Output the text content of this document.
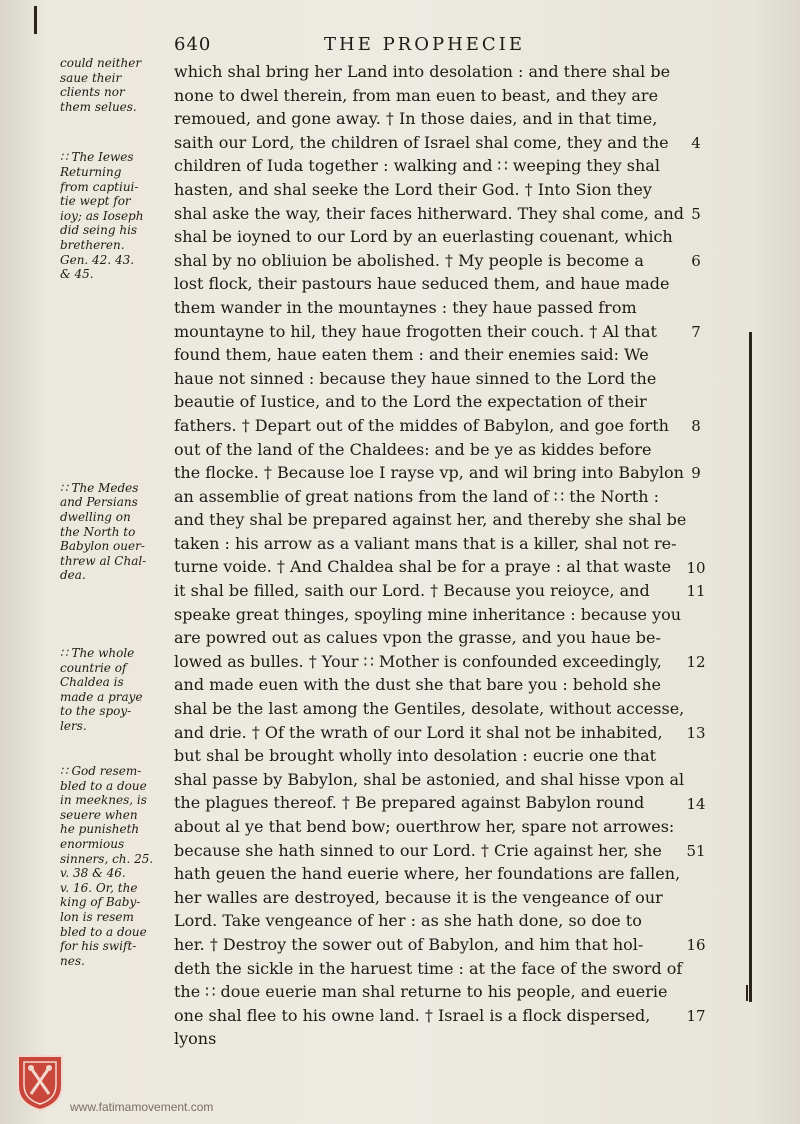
640	THE PROPHECIE
which shal bring her Land into desolation : and there shal be
none to dwel therein, from man euen to beast, and they are
remoued, and gone away. † In those daies, and in that time,
saith our Lord, the children of Israel shal come, they and the
children of Iuda together : walking and ∷ weeping they shal
hasten, and shal seeke the Lord their God. † Into Sion they
shal aske the way, their faces hitherward. They shal come, and
shal be ioyned to our Lord by an euerlasting couenant, which
shal by no obliuion be abolished. † My people is become a
lost flock, their pastours haue seduced them, and haue made
them wander in the mountaynes : they haue passed from
mountayne to hil, they haue frogotten their couch. † Al that
found them, haue eaten them : and their enemies said: We
haue not sinned : because they haue sinned to the Lord the
beautie of Iustice, and to the Lord the expectation of their
fathers. † Depart out of the middes of Babylon, and goe forth
out of the land of the Chaldees: and be ye as kiddes before
the flocke. † Because loe I rayse vp, and wil bring into Babylon
an assemblie of great nations from the land of ∷ the North :
and they shal be prepared against her, and thereby she shal be
taken : his arrow as a valiant mans that is a killer, shal not re-
turne voide. † And Chaldea shal be for a praye : al that waste
it shal be filled, saith our Lord. † Because you reioyce, and
speake great thinges, spoyling mine inheritance : because you
are powred out as calues vpon the grasse, and you haue be-
lowed as bulles. † Your ∷ Mother is confounded exceedingly,
and made euen with the dust she that bare you : behold she
shal be the last among the Gentiles, desolate, without accesse,
and drie. † Of the wrath of our Lord it shal not be inhabited,
but shal be brought wholly into desolation : eucrie one that
shal passe by Babylon, shal be astonied, and shal hisse vpon al
the plagues thereof. † Be prepared against Babylon round
about al ye that bend bow; ouerthrow her, spare not arrowes:
because she hath sinned to our Lord. † Crie against her, she
hath geuen the hand euerie where, her foundations are fallen,
her walles are destroyed, because it is the vengeance of our
Lord. Take vengeance of her : as she hath done, so doe to
her. † Destroy the sower out of Babylon, and him that hol-
deth the sickle in the haruest time : at the face of the sword of
the ∷ doue euerie man shal returne to his people, and euerie
one shal flee to his owne land. † Israel is a flock dispersed,
lyons
4
5
6
7
8
9
10
11
12
13
14
51
16
17
could neither
saue their
clients nor
them selues.
∷ The Iewes
Returning
from captiui-
tie wept for
ioy; as Ioseph
did seing his
bretheren.
Gen. 42. 43.
& 45.
∷ The Medes
and Persians
dwelling on
the North to
Babylon ouer-
threw al Chal-
dea.
∷ The whole
countrie of
Chaldea is
made a praye
to the spoy-
lers.
∷ God resem-
bled to a doue
in meeknes, is
seuere when
he punisheth
enormious
sinners, ch. 25.
v. 38 & 46.
v. 16. Or, the
king of Baby-
lon is resem
bled to a doue
for his swift-
nes.
www.fatimamovement.com
